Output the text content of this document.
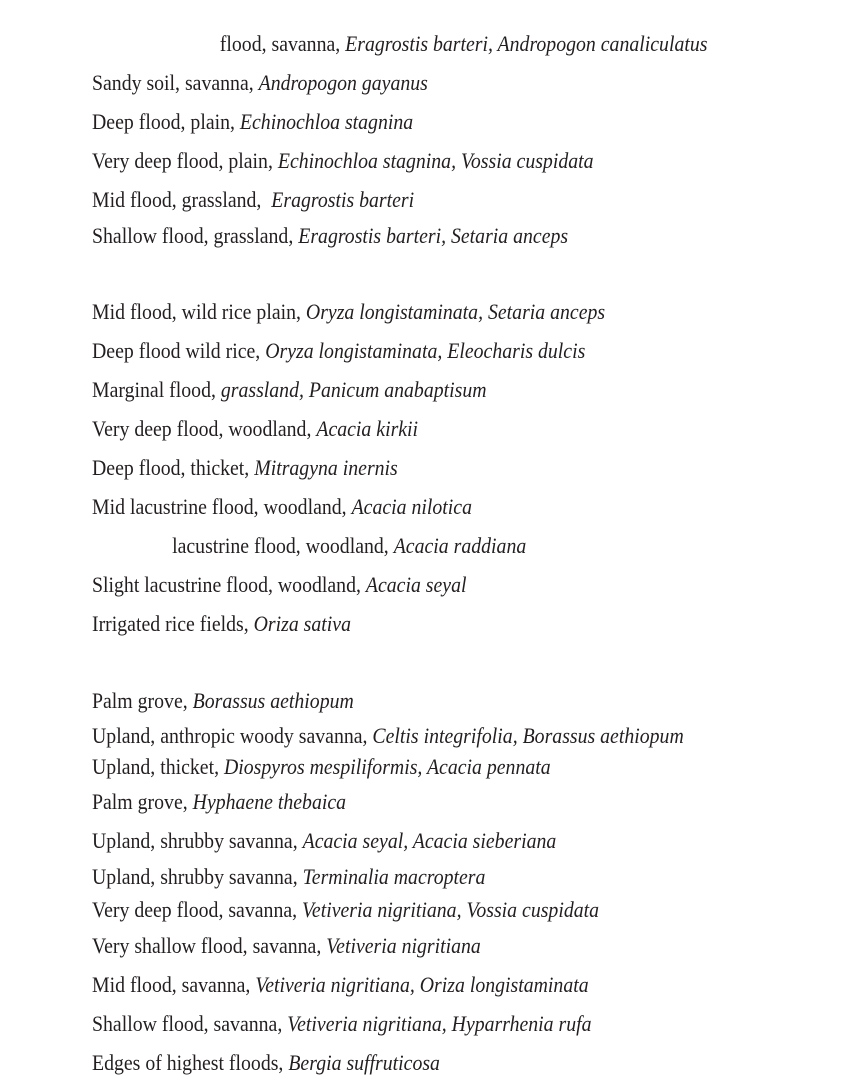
flood, savanna, Eragrostis barteri, Andropogon canaliculatus
Sandy soil, savanna, Andropogon gayanus
Deep flood, plain, Echinochloa stagnina
Very deep flood, plain, Echinochloa stagnina, Vossia cuspidata
Mid flood, grassland,  Eragrostis barteri
Shallow flood, grassland, Eragrostis barteri, Setaria anceps
Mid flood, wild rice plain, Oryza longistaminata, Setaria anceps
Deep flood wild rice, Oryza longistaminata, Eleocharis dulcis
Marginal flood, grassland, Panicum anabaptisum
Very deep flood, woodland, Acacia kirkii
Deep flood, thicket, Mitragyna inernis
Mid lacustrine flood, woodland, Acacia nilotica
lacustrine flood, woodland, Acacia raddiana
Slight lacustrine flood, woodland, Acacia seyal
Irrigated rice fields, Oriza sativa
Palm grove, Borassus aethiopum
Upland, anthropic woody savanna, Celtis integrifolia, Borassus aethiopum
Upland, thicket, Diospyros mespiliformis, Acacia pennata
Palm grove, Hyphaene thebaica
Upland, shrubby savanna, Acacia seyal, Acacia sieberiana
Upland, shrubby savanna, Terminalia macroptera
Very deep flood, savanna, Vetiveria nigritiana, Vossia cuspidata
Very shallow flood, savanna, Vetiveria nigritiana
Mid flood, savanna, Vetiveria nigritiana, Oriza longistaminata
Shallow flood, savanna, Vetiveria nigritiana, Hyparrhenia rufa
Edges of highest floods, Bergia suffruticosa
